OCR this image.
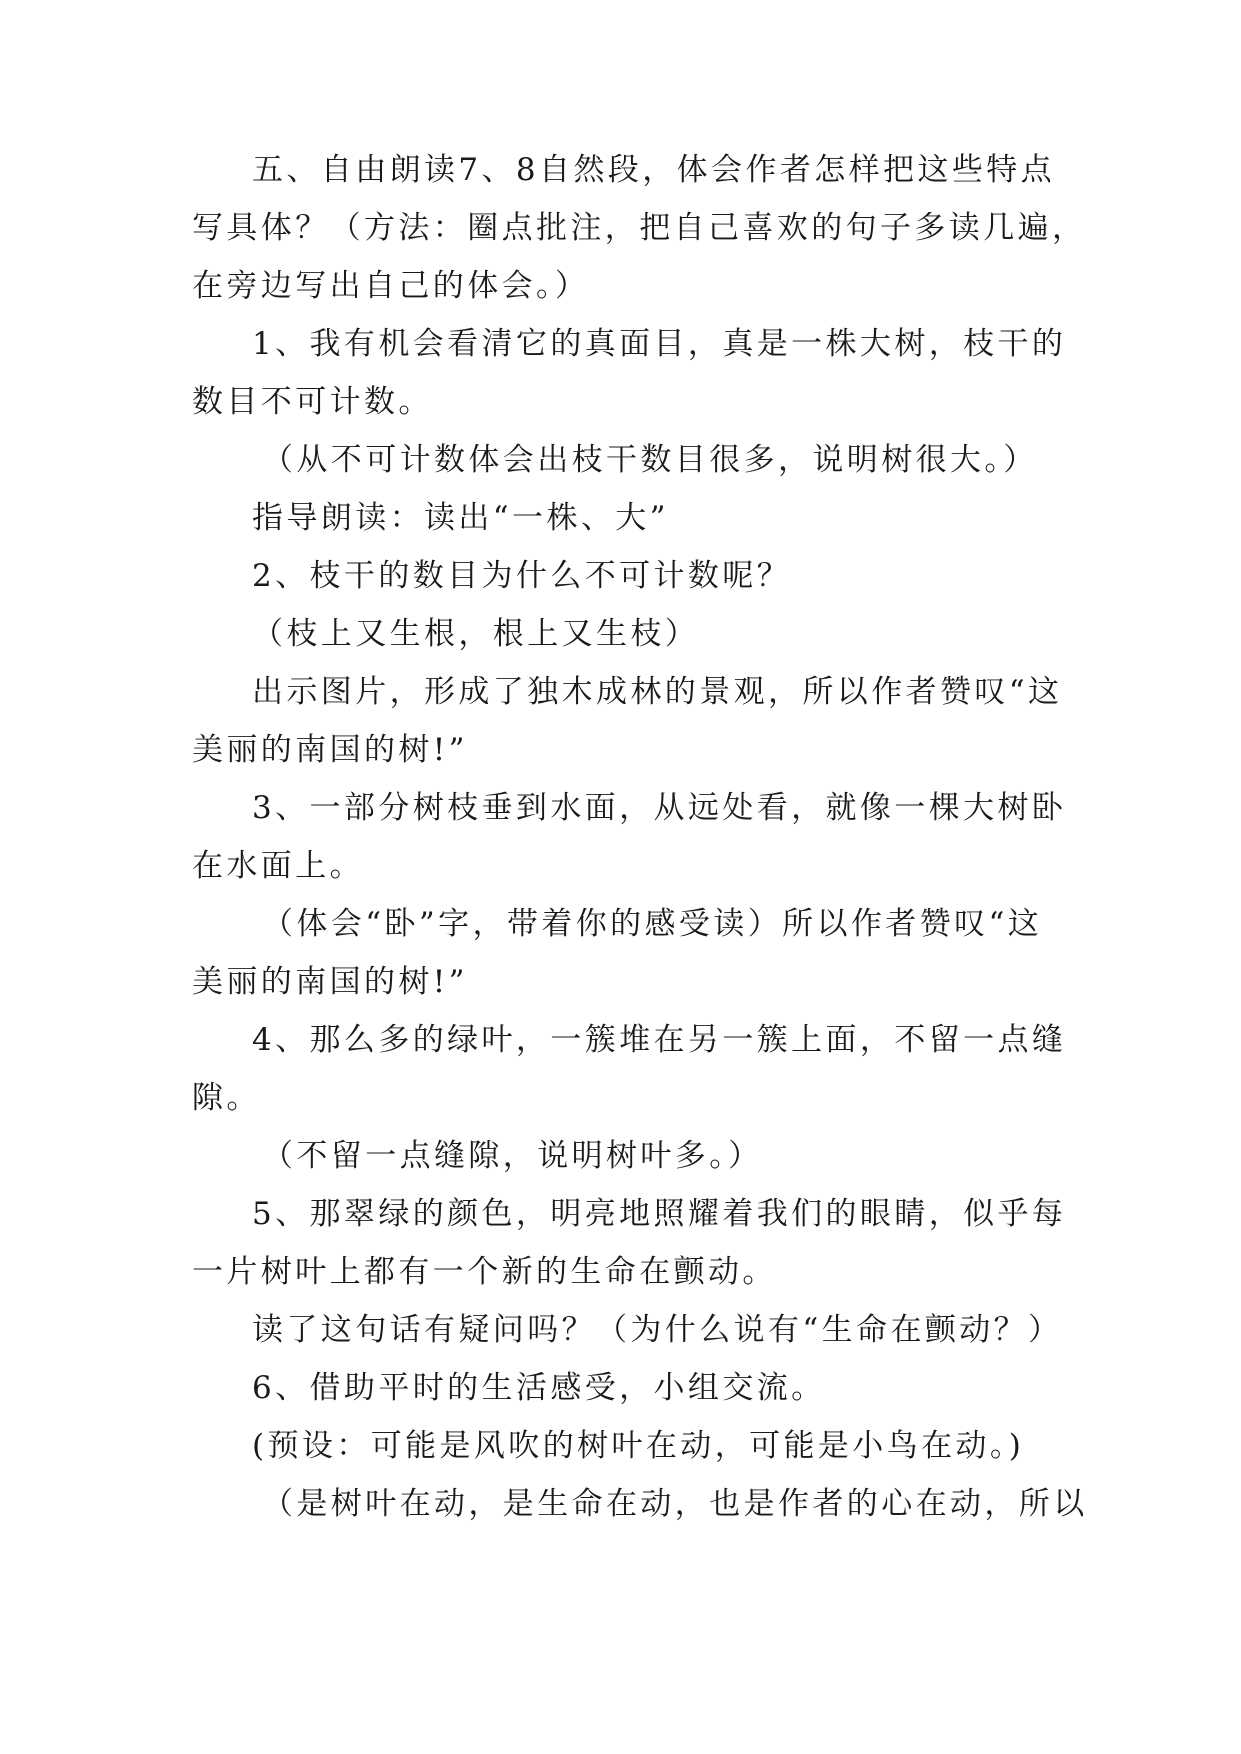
五、自由朗读7、8自然段，体会作者怎样把这些特点
写具体？（方法：圈点批注，把自己喜欢的句子多读几遍，
在旁边写出自己的体会。）
1、我有机会看清它的真面目，真是一株大树，枝干的
数目不可计数。
（从不可计数体会出枝干数目很多，说明树很大。）
指导朗读：读出“一株、大”
2、枝干的数目为什么不可计数呢？
（枝上又生根，根上又生枝）
出示图片，形成了独木成林的景观，所以作者赞叹“这
美丽的南国的树!”
3、一部分树枝垂到水面，从远处看，就像一棵大树卧
在水面上。
（体会“卧”字，带着你的感受读）所以作者赞叹“这
美丽的南国的树!”
4、那么多的绿叶，一簇堆在另一簇上面，不留一点缝
隙。
（不留一点缝隙，说明树叶多。）
5、那翠绿的颜色，明亮地照耀着我们的眼睛，似乎每
一片树叶上都有一个新的生命在颤动。
读了这句话有疑问吗？（为什么说有“生命在颤动？）
6、借助平时的生活感受，小组交流。
(预设：可能是风吹的树叶在动，可能是小鸟在动。)
（是树叶在动，是生命在动，也是作者的心在动，所以
